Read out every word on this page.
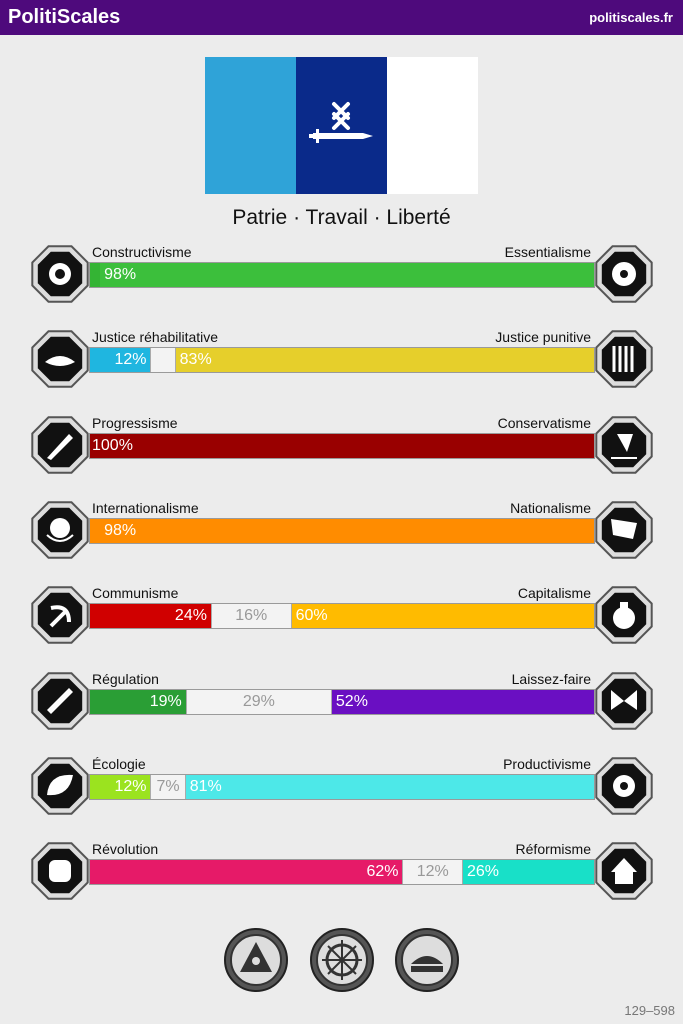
PolitiScales	politiscales.fr
Patrie · Travail · Liberté
Constructivisme	Essentialisme
98%
Justice réhabilitative	Justice punitive
12% 83%
Progressisme	Conservatisme
100%
Internationalisme	Nationalisme
98%
Communisme	Capitalisme
24%	16%	60%
Régulation	Laissez-faire
19%	29%	52%
Écologie	Productivisme
12% 7% 81%
Révolution	Réformisme
62%	12%	26%
129–598
